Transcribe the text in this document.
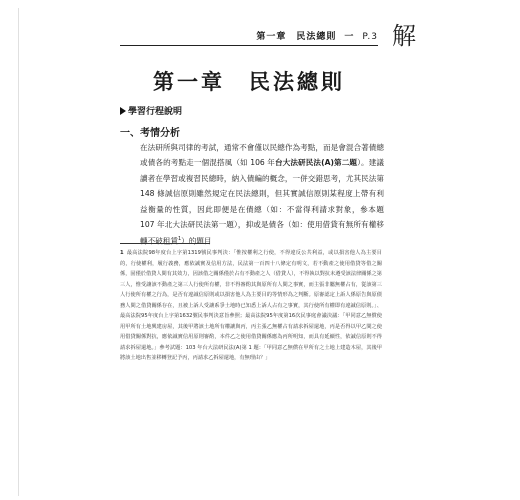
第一章　民法總則 一 P.3 解
第一章　民法總則
學習行程說明
一、考情分析
在法研所與司律的考試，通常不會僅以民總作為考點，而是會混合著債總或債各的考點走一個混搭風（如 106 年台大法研民法(A)第二題）。建議讀者在學習或複習民總時，納入債編的概念，一併交錯思考，尤其民法第 148 條誠信原則雖然規定在民法總則，但其實誠信原則某程度上帶有利益衡量的性質，因此即便是在債總（如：不當得利請求對象，參本題 107 年北大法研民法第一題），抑或是債各（如：使用借貸有無所有權移轉不破租賃$^1$）的題目
1 最高法院98年度台上字第1319號民事判決：「惟按權利之行使，不得違反公共利益，或以損害他人為主要目的，行使權利，履行義務，應依誠實及信用方法，民法第一百四十八條定有明文，若不動產之使用借貸等借之關係，固僅於借貸人間有其效力，因該借之關係僅於占有不動產之人（借貸人），不得執以對抗未遵受該法律關係之第三人，惟受讓該不動產之第三人行使所有權，非不得審酌其與原所有人間之事實，而主張非屬無權占有，從該第三人行使所有權之行為，是否有違誠信原則或以損害他人為主要目的等情形為之判斷。原審認定上訴人係原告與原債務人間之借貸關係存在，且被上訴人受讓系爭土地時已知悉上訴人占有之事實，其行使所有權即有違誠信原則。」、最高法院95年度台上字第1632號民事判決意旨參照；最高法院95年度第16次民事庭會議決議：「甲同意乙無償使用甲所有土地興建房屋，其後甲將該土地所有權讓與丙，丙主張乙無權占有請求拆屋還地，丙是否得以甲乙間之使用借貸關係對抗，應依誠實信用原則審酌，本件乙之使用借貸關係應為丙所明知，而具有延續性，依誠信原則不得請求拆屋還地。」參考試題：103 年台大法研民法(A)第 1 題：「甲同意乙無償在甲所有之土地上建造木屋，其後甲將該土地出售並移轉登記予丙，丙請求乙拆屋還地，有無理由？」
